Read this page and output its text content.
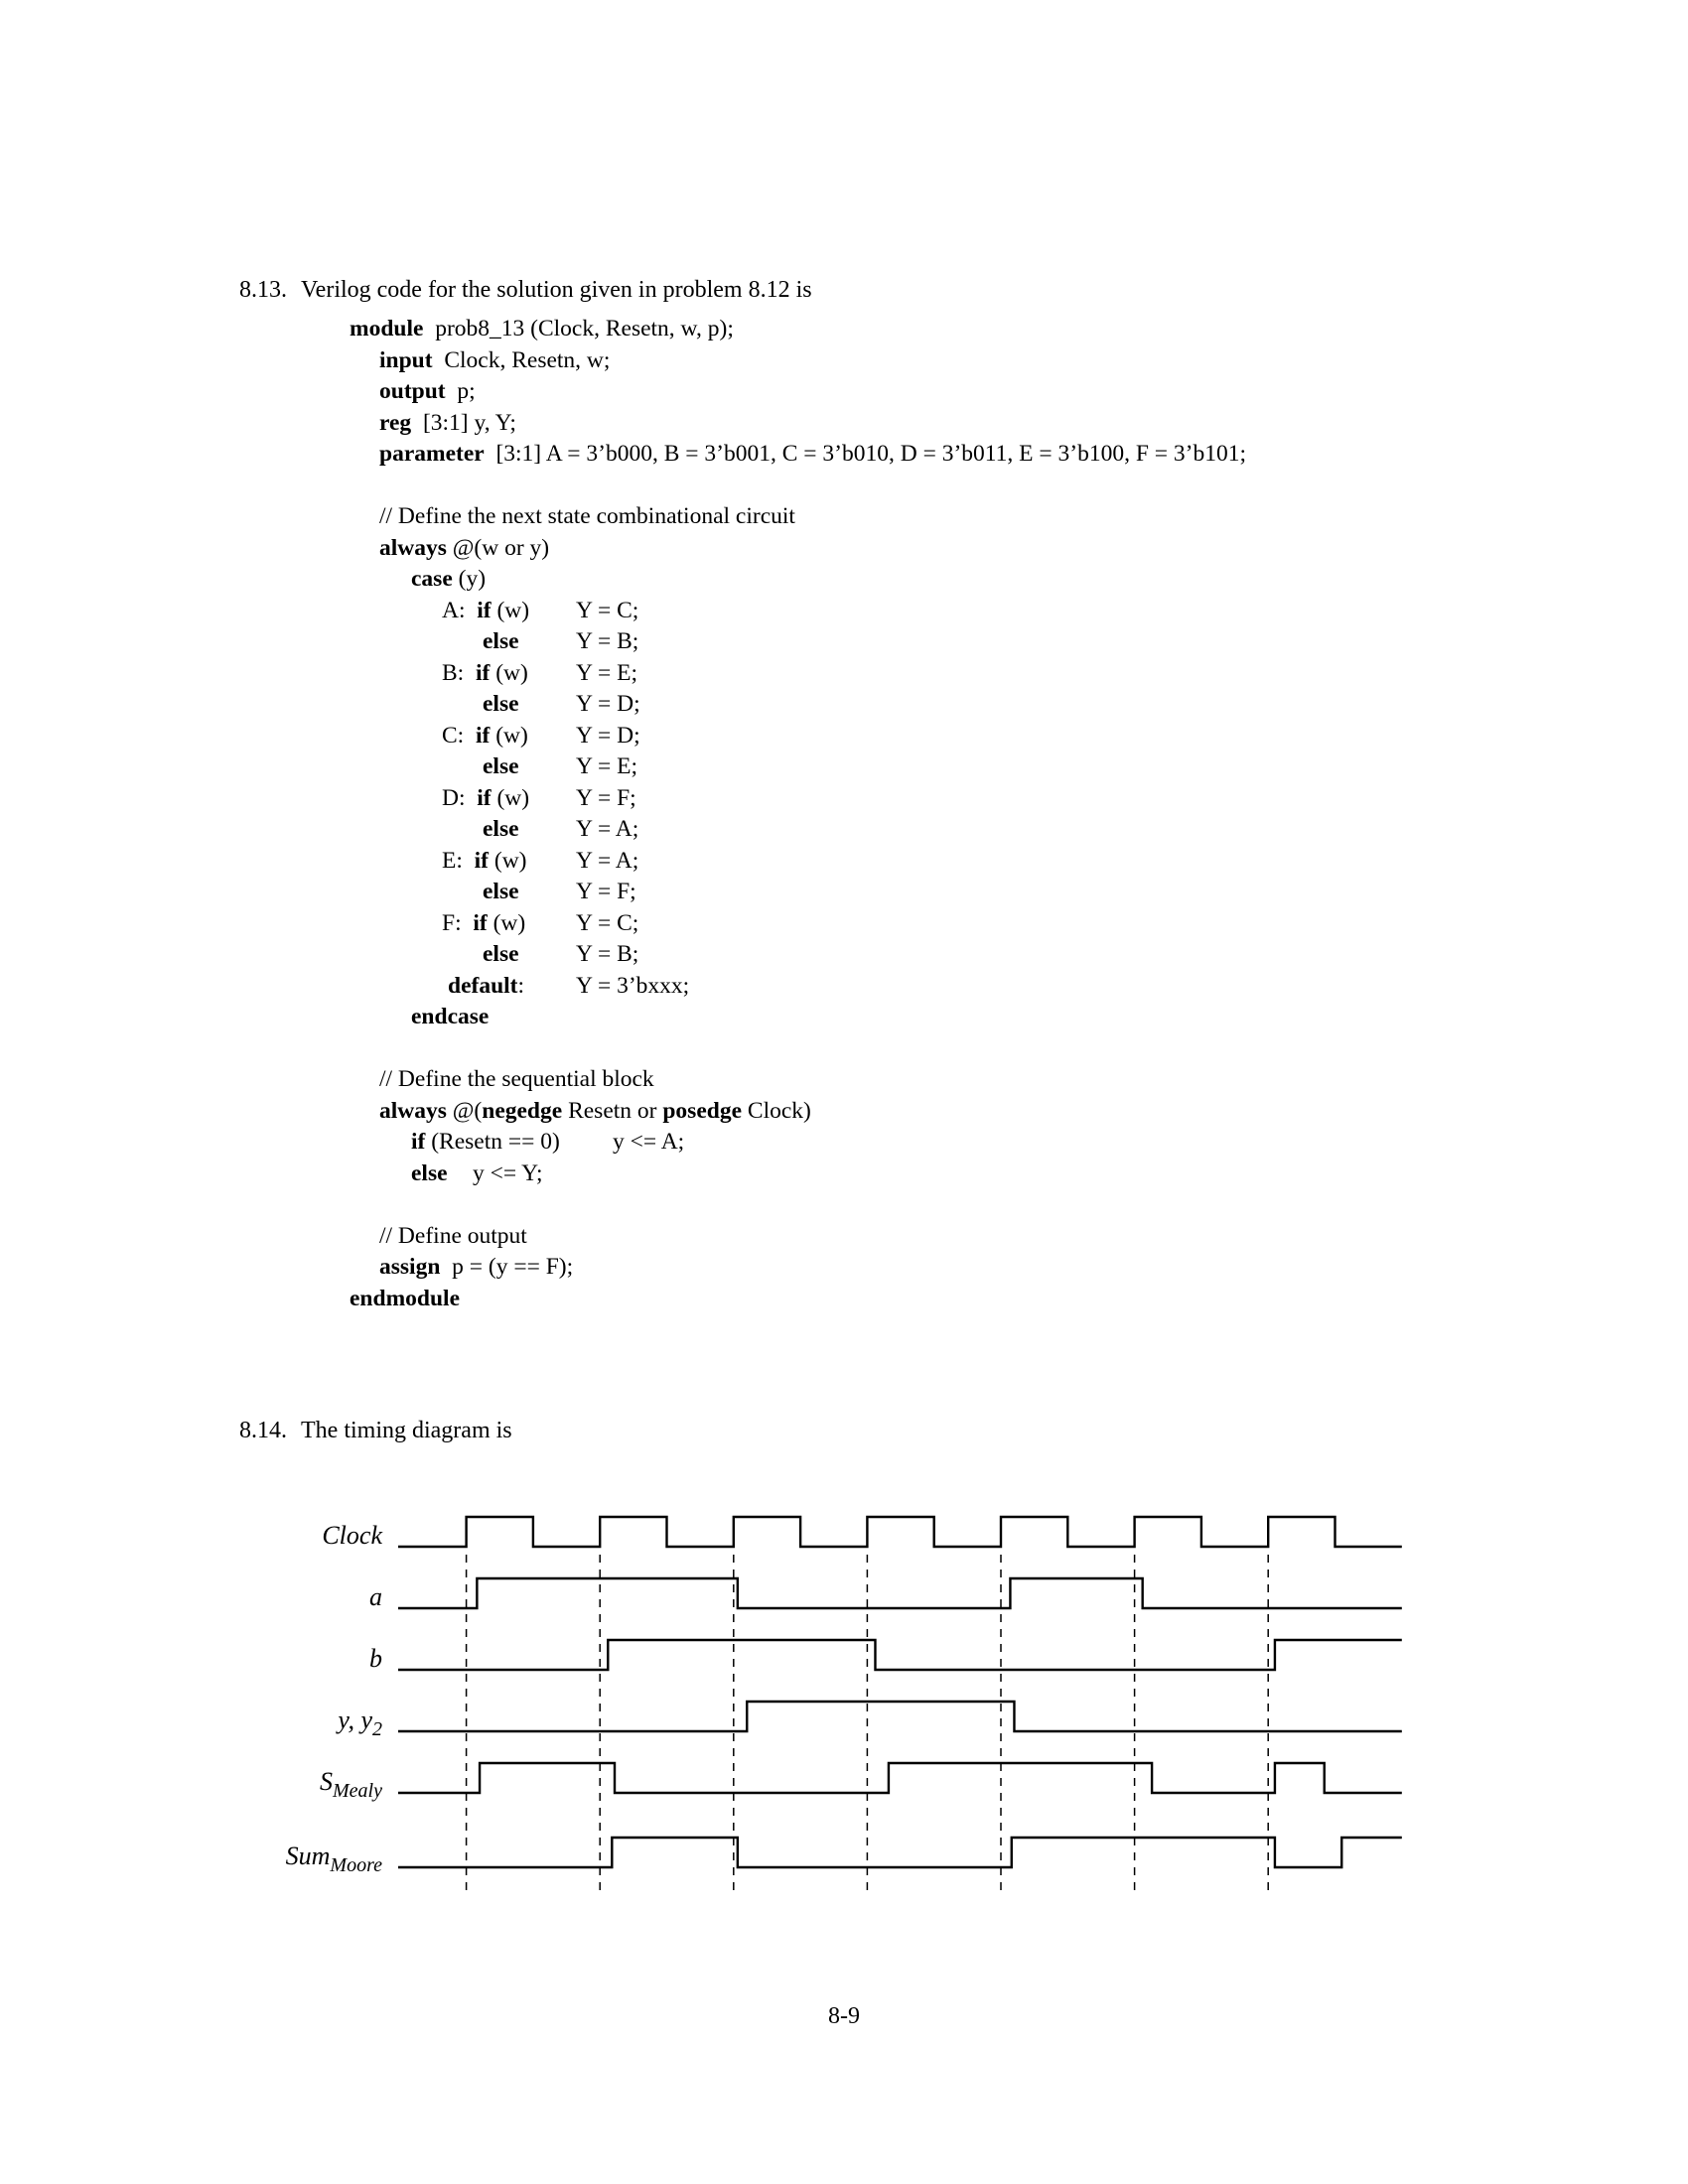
8.13. Verilog code for the solution given in problem 8.12 is

module  prob8_13 (Clock, Resetn, w, p);
input  Clock, Resetn, w;
output  p;
reg  [3:1] y, Y;
parameter  [3:1] A = 3’b000, B = 3’b001, C = 3’b010, D = 3’b011, E = 3’b100, F = 3’b101;
// Define the next state combinational circuit
always @(w or y)
case (y)
A:  if (w) Y = C;
else Y = B;
B:  if (w) Y = E;
else Y = D;
C:  if (w) Y = D;
else Y = E;
D:  if (w) Y = F;
else Y = A;
E:  if (w) Y = A;
else Y = F;
F:  if (w) Y = C;
else Y = B;
default: Y = 3’bxxx;
endcase
// Define the sequential block
always @(negedge Resetn or posedge Clock)
if (Resetn == 0) y <= A;
else y <= Y;
// Define output
assign  p = (y == F);
endmodule

8.14. The timing diagram is

Clock
a
b
y, $y_2$
$S_{Mealy}$
Sum$_{Moore}$
8-9
